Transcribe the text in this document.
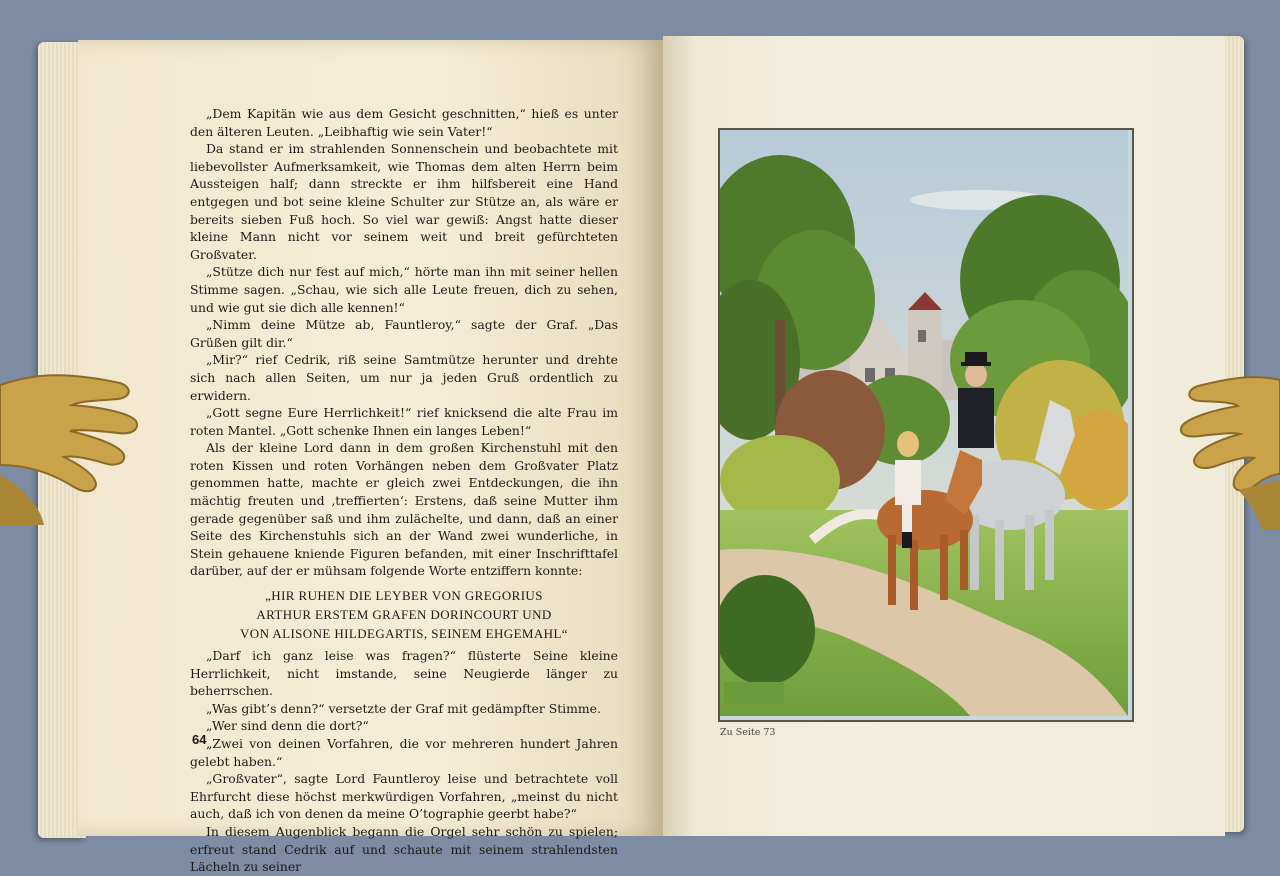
„Dem Kapitän wie aus dem Gesicht geschnitten,“ hieß es unter den älteren Leuten. „Leibhaftig wie sein Vater!“

Da stand er im strahlenden Sonnenschein und beobachtete mit liebevollster Aufmerksamkeit, wie Thomas dem alten Herrn beim Aussteigen half; dann streckte er ihm hilfsbereit eine Hand entgegen und bot seine kleine Schulter zur Stütze an, als wäre er bereits sieben Fuß hoch. So viel war gewiß: Angst hatte dieser kleine Mann nicht vor seinem weit und breit gefürchteten Großvater.

„Stütze dich nur fest auf mich,“ hörte man ihn mit seiner hellen Stimme sagen. „Schau, wie sich alle Leute freuen, dich zu sehen, und wie gut sie dich alle kennen!“

„Nimm deine Mütze ab, Fauntleroy,“ sagte der Graf. „Das Grüßen gilt dir.“

„Mir?“ rief Cedrik, riß seine Samtmütze herunter und drehte sich nach allen Seiten, um nur ja jeden Gruß ordentlich zu erwidern.

„Gott segne Eure Herrlichkeit!“ rief knicksend die alte Frau im roten Mantel. „Gott schenke Ihnen ein langes Leben!“

Als der kleine Lord dann in dem großen Kirchenstuhl mit den roten Kissen und roten Vorhängen neben dem Großvater Platz genommen hatte, machte er gleich zwei Entdeckungen, die ihn mächtig freuten und ‚treffierten‘: Erstens, daß seine Mutter ihm gerade gegenüber saß und ihm zulächelte, und dann, daß an einer Seite des Kirchenstuhls sich an der Wand zwei wunderliche, in Stein gehauene kniende Figuren befanden, mit einer Inschrifttafel darüber, auf der er mühsam folgende Worte entziffern konnte:

„HIR RUHEN DIE LEYBER VON GREGORIUS
ARTHUR ERSTEM GRAFEN DORINCOURT UND
VON ALISONE HILDEGARTIS, SEINEM EHGEMAHL“

„Darf ich ganz leise was fragen?“ flüsterte Seine kleine Herrlichkeit, nicht imstande, seine Neugierde länger zu beherrschen.

„Was gibt’s denn?“ versetzte der Graf mit gedämpfter Stimme.

„Wer sind denn die dort?“

„Zwei von deinen Vorfahren, die vor mehreren hundert Jahren gelebt haben.“

„Großvater“, sagte Lord Fauntleroy leise und betrachtete voll Ehrfurcht diese höchst merkwürdigen Vorfahren, „meinst du nicht auch, daß ich von denen da meine O’tographie geerbt habe?“

In diesem Augenblick begann die Orgel sehr schön zu spielen; erfreut stand Cedrik auf und schaute mit seinem strahlendsten Lächeln zu seiner

64	Zu Seite 73
